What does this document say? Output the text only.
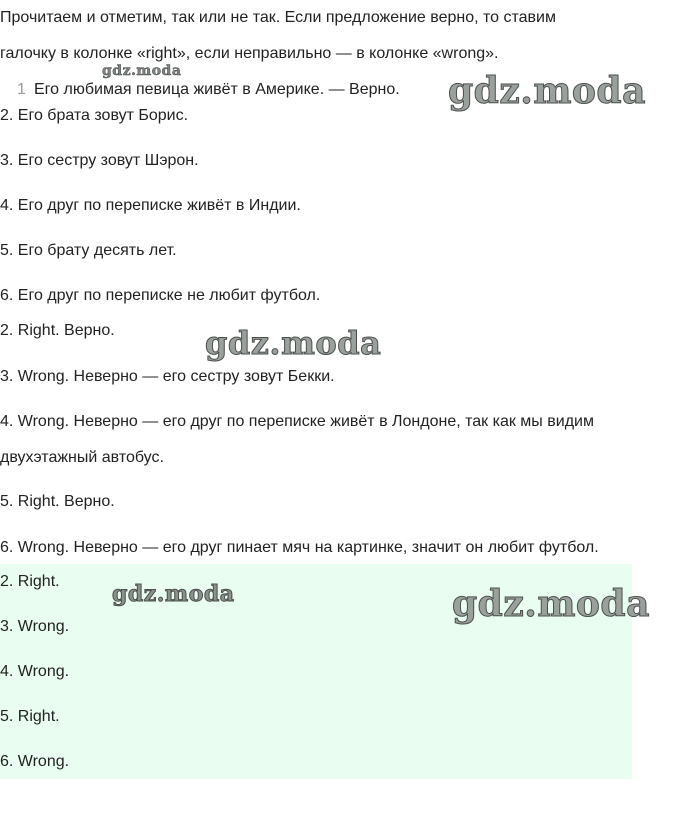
Прочитаем и отметим, так или не так. Если предложение верно, то ставим
галочку в колонке «right», если неправильно — в колонке «wrong».
1 Его любимая певица живёт в Америке. — Верно.
2. Его брата зовут Борис.
3. Его сестру зовут Шэрон.
4. Его друг по переписке живёт в Индии.
5. Его брату десять лет.
6. Его друг по переписке не любит футбол.
2. Right. Верно.
3. Wrong. Неверно — его сестру зовут Бекки.
4. Wrong. Неверно — его друг по переписке живёт в Лондоне, так как мы видим
двухэтажный автобус.
5. Right. Верно.
6. Wrong. Неверно — его друг пинает мяч на картинке, значит он любит футбол.
2. Right.
3. Wrong.
4. Wrong.
5. Right.
6. Wrong.
gdz.moda	gdz.moda
gdz.moda
gdz.moda	gdz.moda
